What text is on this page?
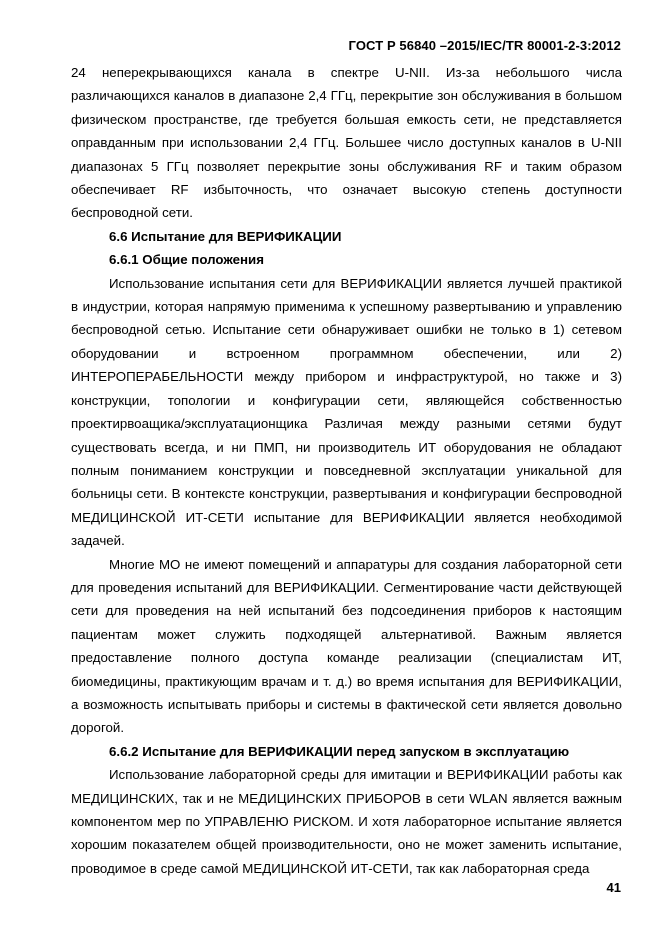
ГОСТ Р 56840 –2015/IEC/TR 80001-2-3:2012

24 неперекрывающихся канала в спектре U-NII. Из-за небольшого числа различающихся каналов в диапазоне 2,4 ГГц, перекрытие зон обслуживания в большом физическом пространстве, где требуется большая емкость сети, не представляется оправданным при использовании 2,4 ГГц. Большее число доступных каналов в U-NII диапазонах 5 ГГц позволяет перекрытие зоны обслуживания RF и таким образом обеспечивает RF избыточность, что означает высокую степень доступности беспроводной сети.

6.6 Испытание для ВЕРИФИКАЦИИ
6.6.1 Общие положения

Использование испытания сети для ВЕРИФИКАЦИИ является лучшей практикой в индустрии, которая напрямую применима к успешному развертыванию и управлению беспроводной сетью. Испытание сети обнаруживает ошибки не только в 1) сетевом оборудовании и встроенном программном обеспечении, или 2) ИНТЕРОПЕРАБЕЛЬНОСТИ между прибором и инфраструктурой, но также и 3) конструкции, топологии и конфигурации сети, являющейся собственностью проектирвоащика/эксплуатационщика Различая между разными сетями будут существовать всегда, и ни ПМП, ни производитель ИТ оборудования не обладают полным пониманием конструкции и повседневной эксплуатации уникальной для больницы сети. В контексте конструкции, развертывания и конфигурации беспроводной МЕДИЦИНСКОЙ ИТ-СЕТИ испытание для ВЕРИФИКАЦИИ является необходимой задачей.

Многие МО не имеют помещений и аппаратуры для создания лабораторной сети для проведения испытаний для ВЕРИФИКАЦИИ. Сегментирование части действующей сети для проведения на ней испытаний без подсоединения приборов к настоящим пациентам может служить подходящей альтернативой. Важным является предоставление полного доступа команде реализации (специалистам ИТ, биомедицины, практикующим врачам и т. д.) во время испытания для ВЕРИФИКАЦИИ, а возможность испытывать приборы и системы в фактической сети является довольно дорогой.

6.6.2 Испытание для ВЕРИФИКАЦИИ перед запуском в эксплуатацию

Использование лабораторной среды для имитации и ВЕРИФИКАЦИИ работы как МЕДИЦИНСКИХ, так и не МЕДИЦИНСКИХ ПРИБОРОВ в сети WLAN является важным компонентом мер по УПРАВЛЕНЮ РИСКОМ. И хотя лабораторное испытание является хорошим показателем общей производительности, оно не может заменить испытание, проводимое в среде самой МЕДИЦИНСКОЙ ИТ-СЕТИ, так как лабораторная среда

41
